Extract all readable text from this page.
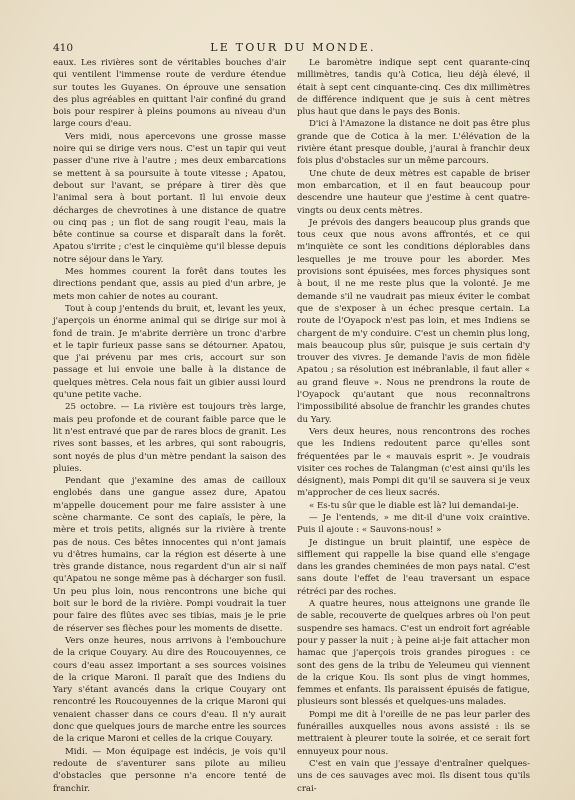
410	LE TOUR DU MONDE.

eaux. Les rivières sont de véritables bouches d'air qui ventilent l'immense route de verdure étendue sur toutes les Guyanes. On éprouve une sensation des plus agréables en quittant l'air confiné du grand bois pour respirer à pleins poumons au niveau d'un large cours d'eau.

Vers midi, nous apercevons une grosse masse noire qui se dirige vers nous. C'est un tapir qui veut passer d'une rive à l'autre ; mes deux embarcations se mettent à sa poursuite à toute vitesse ; Apatou, debout sur l'avant, se prépare à tirer dès que l'animal sera à bout portant. Il lui envoie deux décharges de chevrotines à une distance de quatre ou cinq pas ; un flot de sang rougit l'eau, mais la bête continue sa course et disparaît dans la forêt. Apatou s'irrite ; c'est le cinquième qu'il blesse depuis notre séjour dans le Yary.

Mes hommes courent la forêt dans toutes les directions pendant que, assis au pied d'un arbre, je mets mon cahier de notes au courant.

Tout à coup j'entends du bruit, et, levant les yeux, j'aperçois un énorme animal qui se dirige sur moi à fond de train. Je m'abrite derrière un tronc d'arbre et le tapir furieux passe sans se détourner. Apatou, que j'ai prévenu par mes cris, accourt sur son passage et lui envoie une balle à la distance de quelques mètres. Cela nous fait un gibier aussi lourd qu'une petite vache.

25 octobre. — La rivière est toujours très large, mais peu profonde et de courant faible parce que le lit n'est entravé que par de rares blocs de granit. Les rives sont basses, et les arbres, qui sont rabougris, sont noyés de plus d'un mètre pendant la saison des pluies.

Pendant que j'examine des amas de cailloux englobés dans une gangue assez dure, Apatou m'appelle doucement pour me faire assister à une scène charmante. Ce sont des capiaïs, le père, la mère et trois petits, alignés sur la rivière à trente pas de nous. Ces bêtes innocentes qui n'ont jamais vu d'êtres humains, car la région est déserte à une très grande distance, nous regardent d'un air si naïf qu'Apatou ne songe même pas à décharger son fusil. Un peu plus loin, nous rencontrons une biche qui boit sur le bord de la rivière. Pompi voudrait la tuer pour faire des flûtes avec ses tibias, mais je le prie de réserver ses flèches pour les moments de disette.

Vers onze heures, nous arrivons à l'embouchure de la crique Couyary. Au dire des Roucouyennes, ce cours d'eau assez important a ses sources voisines de la crique Maroni. Il paraît que des Indiens du Yary s'étant avancés dans la crique Couyary ont rencontré les Roucouyennes de la crique Maroni qui venaient chasser dans ce cours d'eau. Il n'y aurait donc que quelques jours de marche entre les sources de la crique Maroni et celles de la crique Couyary.

Midi. — Mon équipage est indécis, je vois qu'il redoute de s'aventurer sans pilote au milieu d'obstacles que personne n'a encore tenté de franchir.

Le baromètre indique sept cent quarante-cinq millimètres, tandis qu'à Cotica, lieu déjà élevé, il était à sept cent cinquante-cinq. Ces dix millimètres de différence indiquent que je suis à cent mètres plus haut que dans le pays des Bonis.

D'ici à l'Amazone la distance ne doit pas être plus grande que de Cotica à la mer. L'élévation de la rivière étant presque double, j'aurai à franchir deux fois plus d'obstacles sur un même parcours.

Une chute de deux mètres est capable de briser mon embarcation, et il en faut beaucoup pour descendre une hauteur que j'estime à cent quatre-vingts ou deux cents mètres.

Je prévois des dangers beaucoup plus grands que tous ceux que nous avons affrontés, et ce qui m'inquiète ce sont les conditions déplorables dans lesquelles je me trouve pour les aborder. Mes provisions sont épuisées, mes forces physiques sont à bout, il ne me reste plus que la volonté. Je me demande s'il ne vaudrait pas mieux éviter le combat que de s'exposer à un échec presque certain. La route de l'Oyapock n'est pas loin, et mes Indiens se chargent de m'y conduire. C'est un chemin plus long, mais beaucoup plus sûr, puisque je suis certain d'y trouver des vivres. Je demande l'avis de mon fidèle Apatou ; sa résolution est inébranlable, il faut aller « au grand fleuve ». Nous ne prendrons la route de l'Oyapock qu'autant que nous reconnaîtrons l'impossibilité absolue de franchir les grandes chutes du Yary.

Vers deux heures, nous rencontrons des roches que les Indiens redoutent parce qu'elles sont fréquentées par le « mauvais esprit ». Je voudrais visiter ces roches de Talangman (c'est ainsi qu'ils les désignent), mais Pompi dit qu'il se sauvera si je veux m'approcher de ces lieux sacrés.

« Es-tu sûr que le diable est là? lui demandai-je.

— Je l'entends, » me dit-il d'une voix craintive. Puis il ajoute : « Sauvons-nous! »

Je distingue un bruit plaintif, une espèce de sifflement qui rappelle la bise quand elle s'engage dans les grandes cheminées de mon pays natal. C'est sans doute l'effet de l'eau traversant un espace rétréci par des roches.

A quatre heures, nous atteignons une grande île de sable, recouverte de quelques arbres où l'on peut suspendre ses hamacs. C'est un endroit fort agréable pour y passer la nuit ; à peine ai-je fait attacher mon hamac que j'aperçois trois grandes pirogues : ce sont des gens de la tribu de Yeleumeu qui viennent de la crique Kou. Ils sont plus de vingt hommes, femmes et enfants. Ils paraissent épuisés de fatigue, plusieurs sont blessés et quelques-uns malades.

Pompi me dit à l'oreille de ne pas leur parler des funérailles auxquelles nous avons assisté : ils se mettraient à pleurer toute la soirée, et ce serait fort ennuyeux pour nous.

C'est en vain que j'essaye d'entraîner quelques-uns de ces sauvages avec moi. Ils disent tous qu'ils crai-
